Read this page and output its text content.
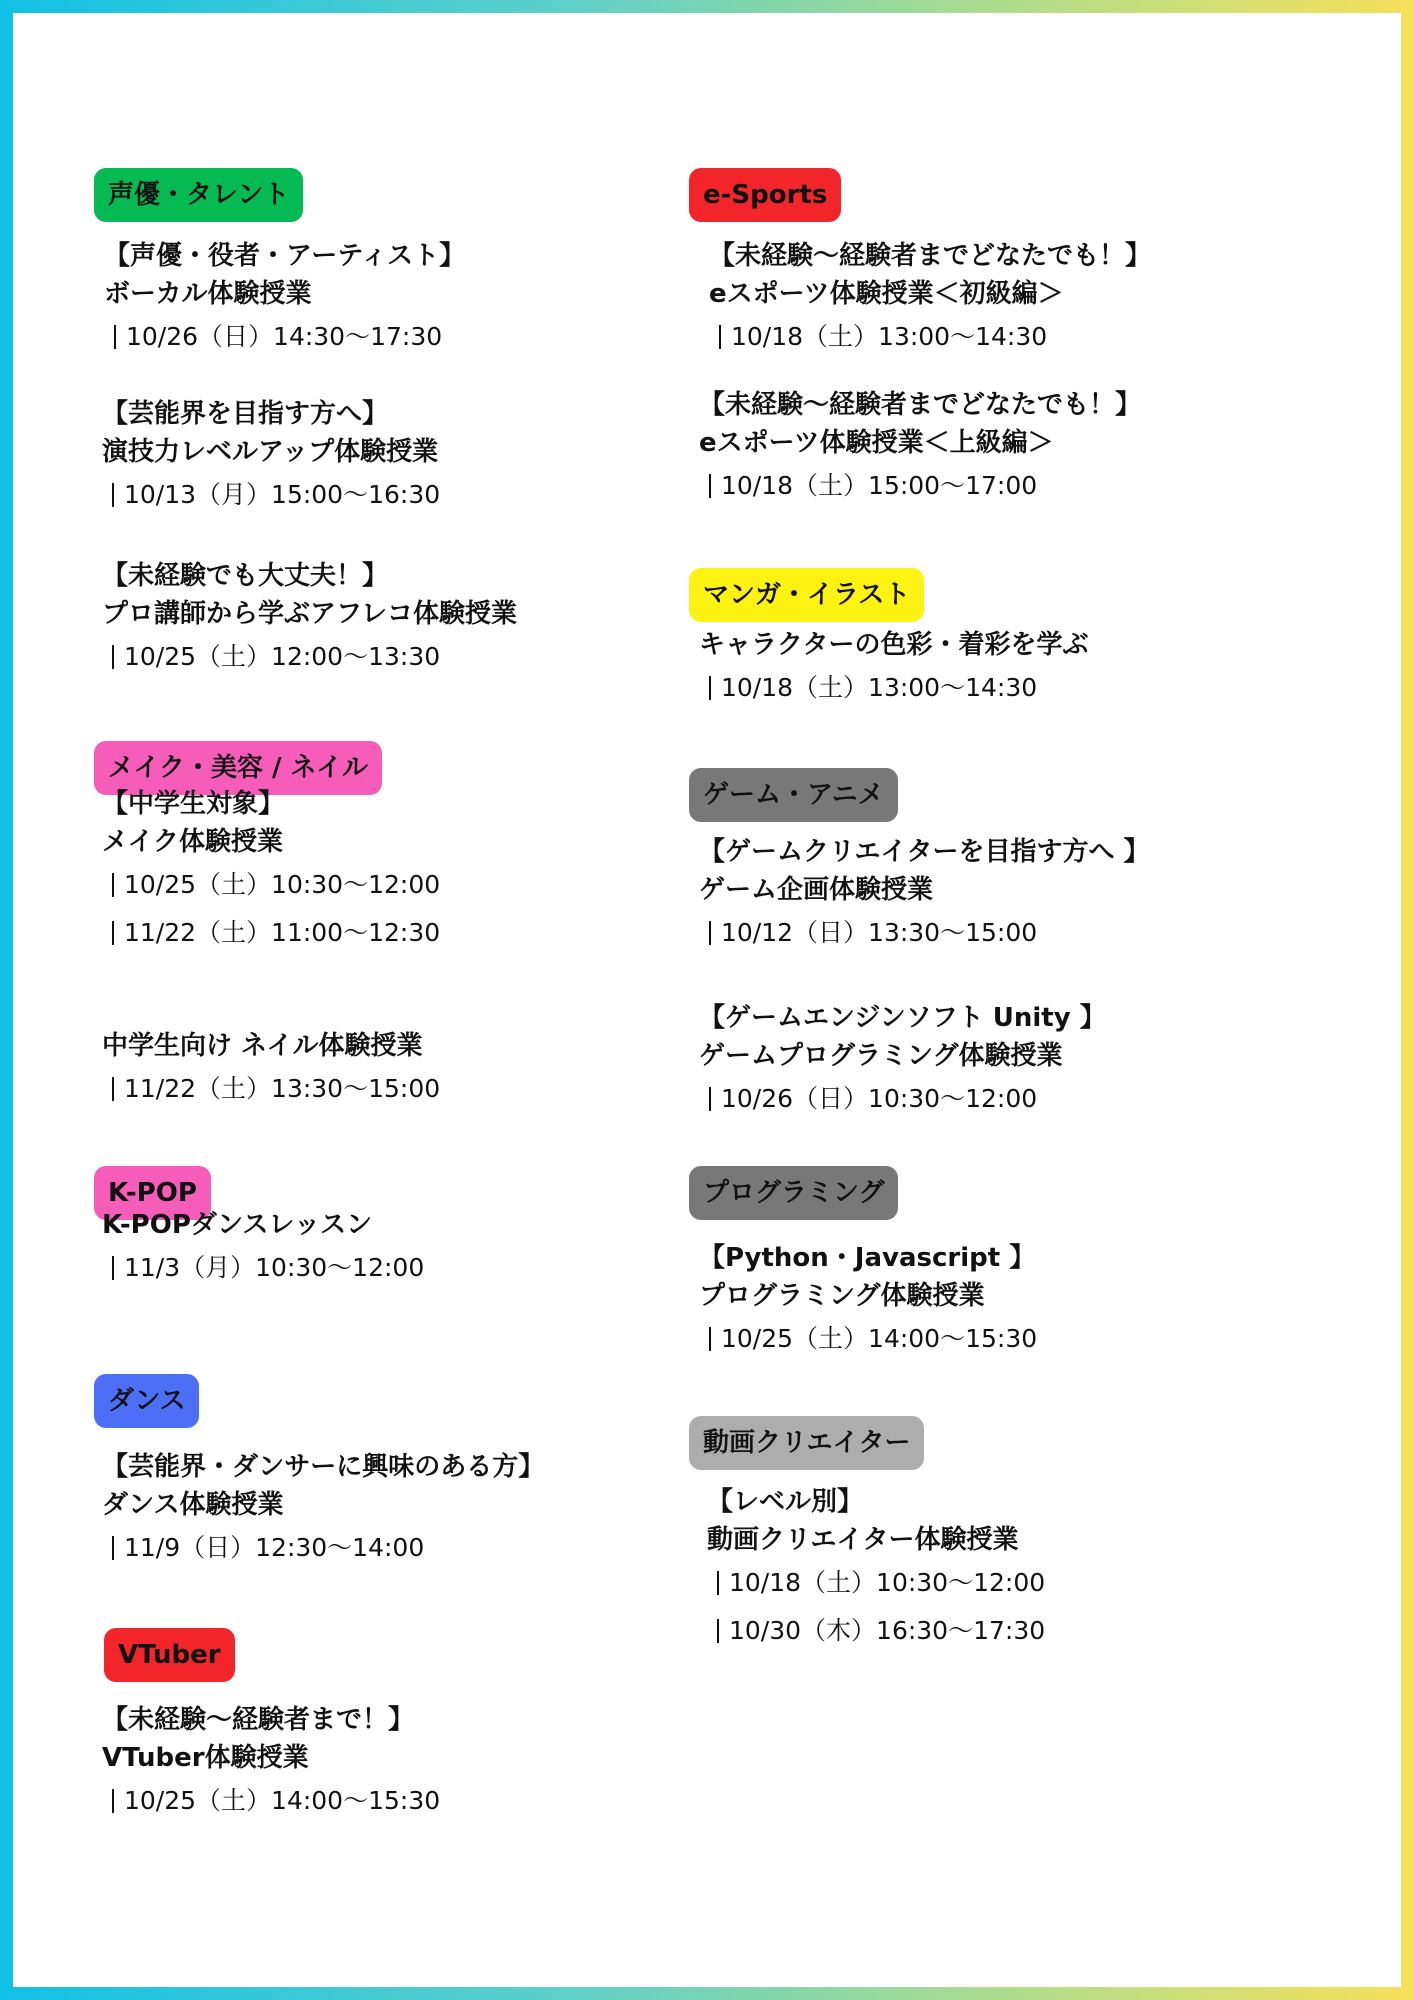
声優・タレント
【声優・役者・アーティスト】
ボーカル体験授業
10/26（日）14:30〜17:30
【芸能界を目指す方へ】
演技力レベルアップ体験授業
10/13（月）15:00〜16:30
【未経験でも大丈夫！】
プロ講師から学ぶアフレコ体験授業
10/25（土）12:00〜13:30
メイク・美容 / ネイル
【中学生対象】
メイク体験授業
10/25（土）10:30〜12:00
11/22（土）11:00〜12:30
中学生向け ネイル体験授業
11/22（土）13:30〜15:00
K-POP
K-POPダンスレッスン
11/3（月）10:30〜12:00
ダンス
【芸能界・ダンサーに興味のある方】
ダンス体験授業
11/9（日）12:30〜14:00
VTuber
【未経験〜経験者まで！】
VTuber体験授業
10/25（土）14:00〜15:30
e-Sports
【未経験〜経験者までどなたでも！】
eスポーツ体験授業＜初級編＞
10/18（土）13:00〜14:30
【未経験〜経験者までどなたでも！】
eスポーツ体験授業＜上級編＞
10/18（土）15:00〜17:00
マンガ・イラスト
キャラクターの色彩・着彩を学ぶ
10/18（土）13:00〜14:30
ゲーム・アニメ
【ゲームクリエイターを目指す方へ 】
ゲーム企画体験授業
10/12（日）13:30〜15:00
【ゲームエンジンソフト Unity 】
ゲームプログラミング体験授業
10/26（日）10:30〜12:00
プログラミング
【Python・Javascript 】
プログラミング体験授業
10/25（土）14:00〜15:30
動画クリエイター
【レベル別】
動画クリエイター体験授業
10/18（土）10:30〜12:00
10/30（木）16:30〜17:30
